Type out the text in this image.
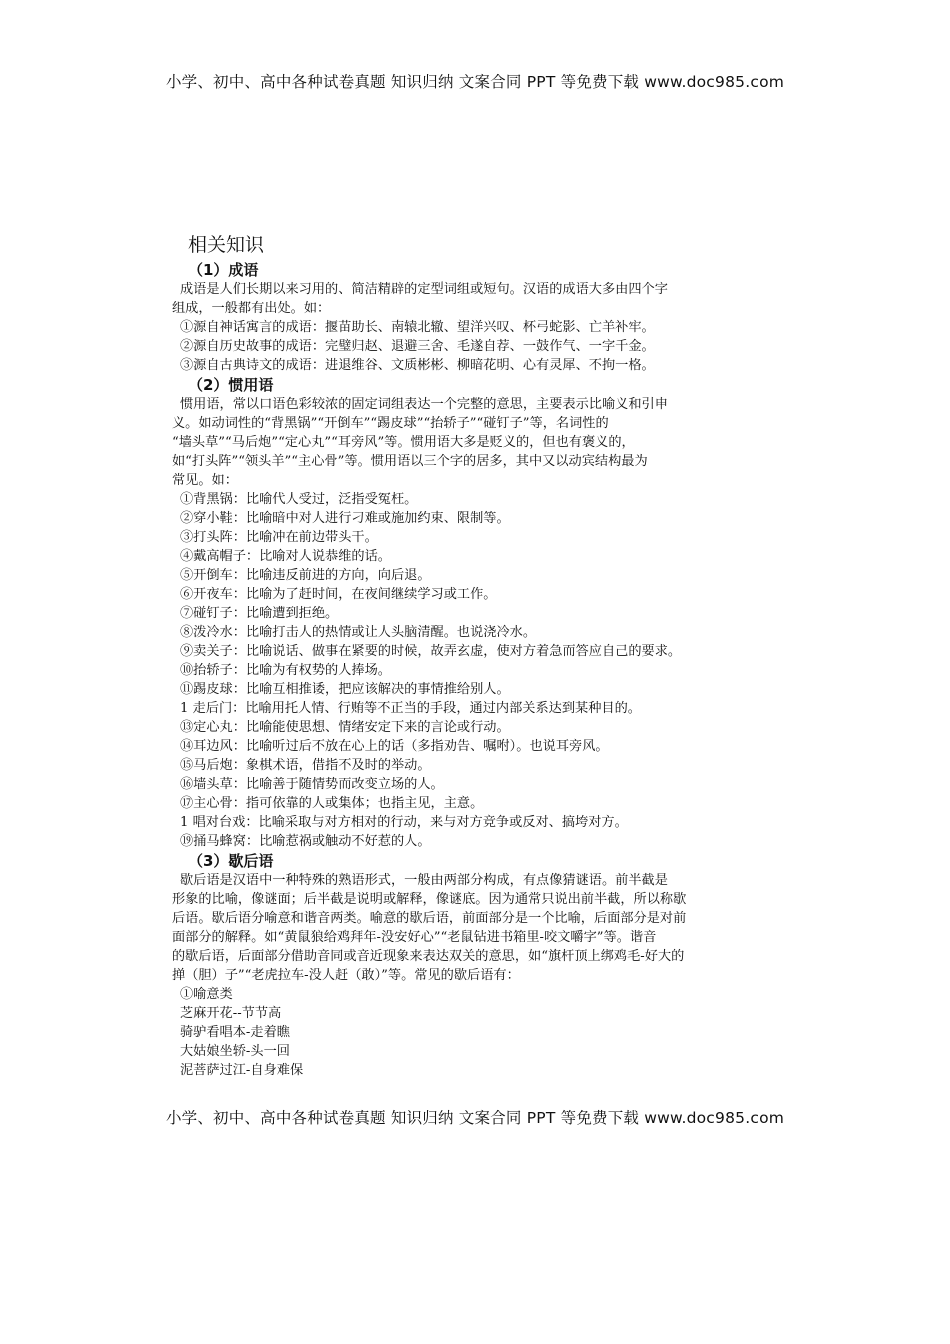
小学、初中、高中各种试卷真题 知识归纳 文案合同 PPT 等免费下载 www.doc985.com
相关知识
（1）成语
成语是人们长期以来习用的、简洁精辟的定型词组或短句。汉语的成语大多由四个字
组成，一般都有出处。如：
①源自神话寓言的成语：揠苗助长、南辕北辙、望洋兴叹、杯弓蛇影、亡羊补牢。
②源自历史故事的成语：完璧归赵、退避三舍、毛遂自荐、一鼓作气、一字千金。
③源自古典诗文的成语：进退维谷、文质彬彬、柳暗花明、心有灵犀、不拘一格。
（2）惯用语
惯用语，常以口语色彩较浓的固定词组表达一个完整的意思，主要表示比喻义和引申
义。如动词性的“背黑锅”“开倒车”“踢皮球”“抬轿子”“碰钉子”等，名词性的
“墙头草”“马后炮”“定心丸”“耳旁风”等。惯用语大多是贬义的，但也有褒义的，
如“打头阵”“领头羊”“主心骨”等。惯用语以三个字的居多，其中又以动宾结构最为
常见。如：
①背黑锅：比喻代人受过，泛指受冤枉。
②穿小鞋：比喻暗中对人进行刁难或施加约束、限制等。
③打头阵：比喻冲在前边带头干。
④戴高帽子：比喻对人说恭维的话。
⑤开倒车：比喻违反前进的方向，向后退。
⑥开夜车：比喻为了赶时间，在夜间继续学习或工作。
⑦碰钉子：比喻遭到拒绝。
⑧泼冷水：比喻打击人的热情或让人头脑清醒。也说浇冷水。
⑨卖关子：比喻说话、做事在紧要的时候，故弄玄虚，使对方着急而答应自己的要求。
⑩抬轿子：比喻为有权势的人捧场。
⑪踢皮球：比喻互相推诿，把应该解决的事情推给别人。
1 走后门：比喻用托人情、行贿等不正当的手段，通过内部关系达到某种目的。
⑬定心丸：比喻能使思想、情绪安定下来的言论或行动。
⑭耳边风：比喻听过后不放在心上的话（多指劝告、嘱咐）。也说耳旁风。
⑮马后炮：象棋术语，借指不及时的举动。
⑯墙头草：比喻善于随情势而改变立场的人。
⑰主心骨：指可依靠的人或集体；也指主见，主意。
1 唱对台戏：比喻采取与对方相对的行动，来与对方竞争或反对、搞垮对方。
⑲捅马蜂窝：比喻惹祸或触动不好惹的人。
（3）歇后语
歇后语是汉语中一种特殊的熟语形式，一般由两部分构成，有点像猜谜语。前半截是
形象的比喻，像谜面；后半截是说明或解释，像谜底。因为通常只说出前半截，所以称歇
后语。歇后语分喻意和谐音两类。喻意的歇后语，前面部分是一个比喻，后面部分是对前
面部分的解释。如“黄鼠狼给鸡拜年-没安好心”“老鼠钻进书箱里-咬文嚼字”等。谐音
的歇后语，后面部分借助音同或音近现象来表达双关的意思，如“旗杆顶上绑鸡毛-好大的
掸（胆）子”“老虎拉车-没人赶（敢）”等。常见的歇后语有：
①喻意类
芝麻开花--节节高
骑驴看唱本-走着瞧
大姑娘坐轿-头一回
泥菩萨过江-自身难保
小学、初中、高中各种试卷真题 知识归纳 文案合同 PPT 等免费下载 www.doc985.com
